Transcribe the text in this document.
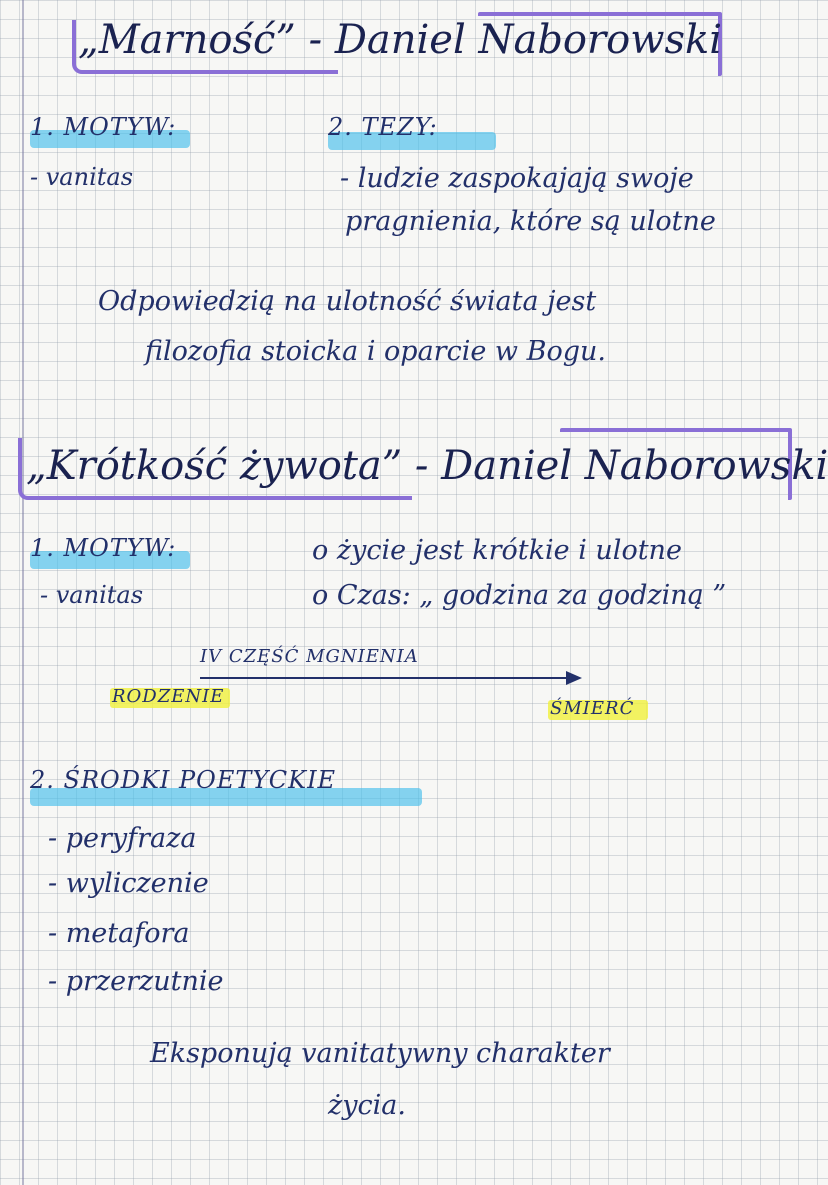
„Marność” - Daniel Naborowski
1. MOTYW:
- vanitas
2. TEZY:
- ludzie zaspokajają swoje
pragnienia, które są ulotne
Odpowiedzią na ulotność świata jest
filozofia stoicka i oparcie w Bogu.
„Krótkość żywota” - Daniel Naborowski
1. MOTYW:
- vanitas
o życie jest krótkie i ulotne
o Czas: „ godzina za godziną ”
IV CZĘŚĆ MGNIENIA
RODZENIE
ŚMIERĆ
2. ŚRODKI POETYCKIE
- peryfraza
- wyliczenie
- metafora
- przerzutnie
Eksponują vanitatywny charakter
życia.
